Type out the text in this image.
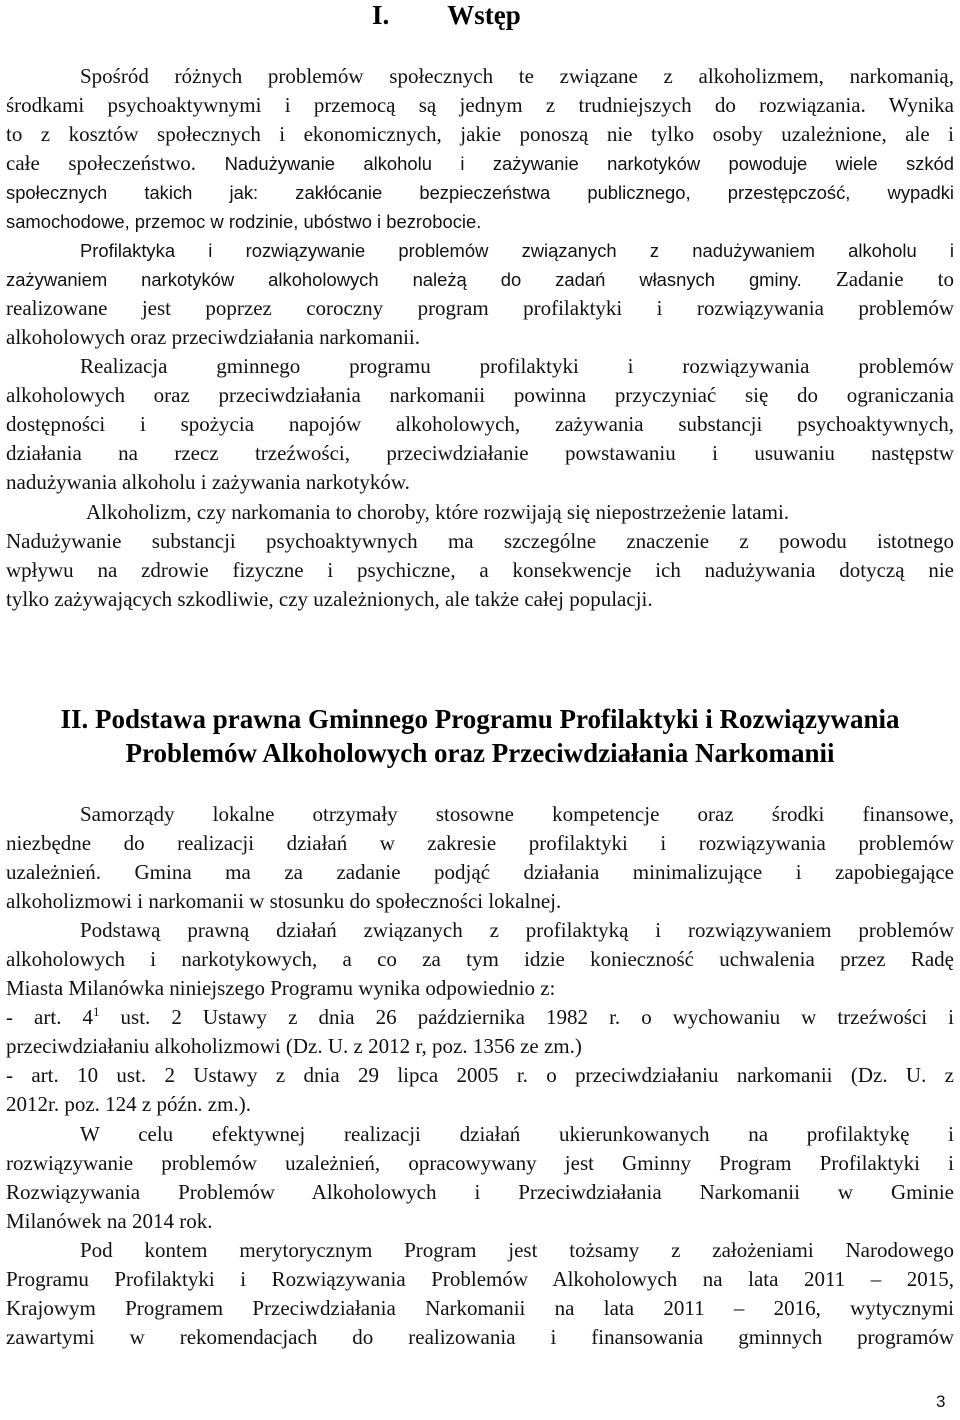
I. Wstęp
Spośród różnych problemów społecznych te związane z alkoholizmem, narkomanią,
środkami psychoaktywnymi i przemocą są jednym z trudniejszych do rozwiązania. Wynika
to z kosztów społecznych i ekonomicznych, jakie ponoszą nie tylko osoby uzależnione, ale i
całe społeczeństwo. Nadużywanie alkoholu i zażywanie narkotyków powoduje wiele szkód
społecznych takich jak: zakłócanie bezpieczeństwa publicznego, przestępczość, wypadki
samochodowe, przemoc w rodzinie, ubóstwo i bezrobocie.
Profilaktyka i rozwiązywanie problemów związanych z nadużywaniem alkoholu i
zażywaniem narkotyków alkoholowych należą do zadań własnych gminy. Zadanie to
realizowane jest poprzez coroczny program profilaktyki i rozwiązywania problemów
alkoholowych oraz przeciwdziałania narkomanii.
Realizacja gminnego programu profilaktyki i rozwiązywania problemów
alkoholowych oraz przeciwdziałania narkomanii powinna przyczyniać się do ograniczania
dostępności i spożycia napojów alkoholowych, zażywania substancji psychoaktywnych,
działania na rzecz trzeźwości, przeciwdziałanie powstawaniu i usuwaniu następstw
nadużywania alkoholu i zażywania narkotyków.
Alkoholizm, czy narkomania to choroby, które rozwijają się niepostrzeżenie latami.
Nadużywanie substancji psychoaktywnych ma szczególne znaczenie z powodu istotnego
wpływu na zdrowie fizyczne i psychiczne, a konsekwencje ich nadużywania dotyczą nie
tylko zażywających szkodliwie, czy uzależnionych, ale także całej populacji.
II. Podstawa prawna Gminnego Programu Profilaktyki i Rozwiązywania
Problemów Alkoholowych oraz Przeciwdziałania Narkomanii
Samorządy lokalne otrzymały stosowne kompetencje oraz środki finansowe,
niezbędne do realizacji działań w zakresie profilaktyki i rozwiązywania problemów
uzależnień. Gmina ma za zadanie podjąć działania minimalizujące i zapobiegające
alkoholizmowi i narkomanii w stosunku do społeczności lokalnej.
Podstawą prawną działań związanych z profilaktyką i rozwiązywaniem problemów
alkoholowych i narkotykowych, a co za tym idzie konieczność uchwalenia przez Radę
Miasta Milanówka niniejszego Programu wynika odpowiednio z:
- art. $4^1$ ust. 2 Ustawy z dnia 26 października 1982 r. o wychowaniu w trzeźwości i
przeciwdziałaniu alkoholizmowi (Dz. U. z 2012 r, poz. 1356 ze zm.)
- art. 10 ust. 2 Ustawy z dnia 29 lipca 2005 r. o przeciwdziałaniu narkomanii (Dz. U. z
2012r. poz. 124 z późn. zm.).
W celu efektywnej realizacji działań ukierunkowanych na profilaktykę i
rozwiązywanie problemów uzależnień, opracowywany jest Gminny Program Profilaktyki i
Rozwiązywania Problemów Alkoholowych i Przeciwdziałania Narkomanii w Gminie
Milanówek na 2014 rok.
Pod kontem merytorycznym Program jest tożsamy z założeniami Narodowego
Programu Profilaktyki i Rozwiązywania Problemów Alkoholowych na lata 2011 – 2015,
Krajowym Programem Przeciwdziałania Narkomanii na lata 2011 – 2016, wytycznymi
zawartymi w rekomendacjach do realizowania i finansowania gminnych programów
3
